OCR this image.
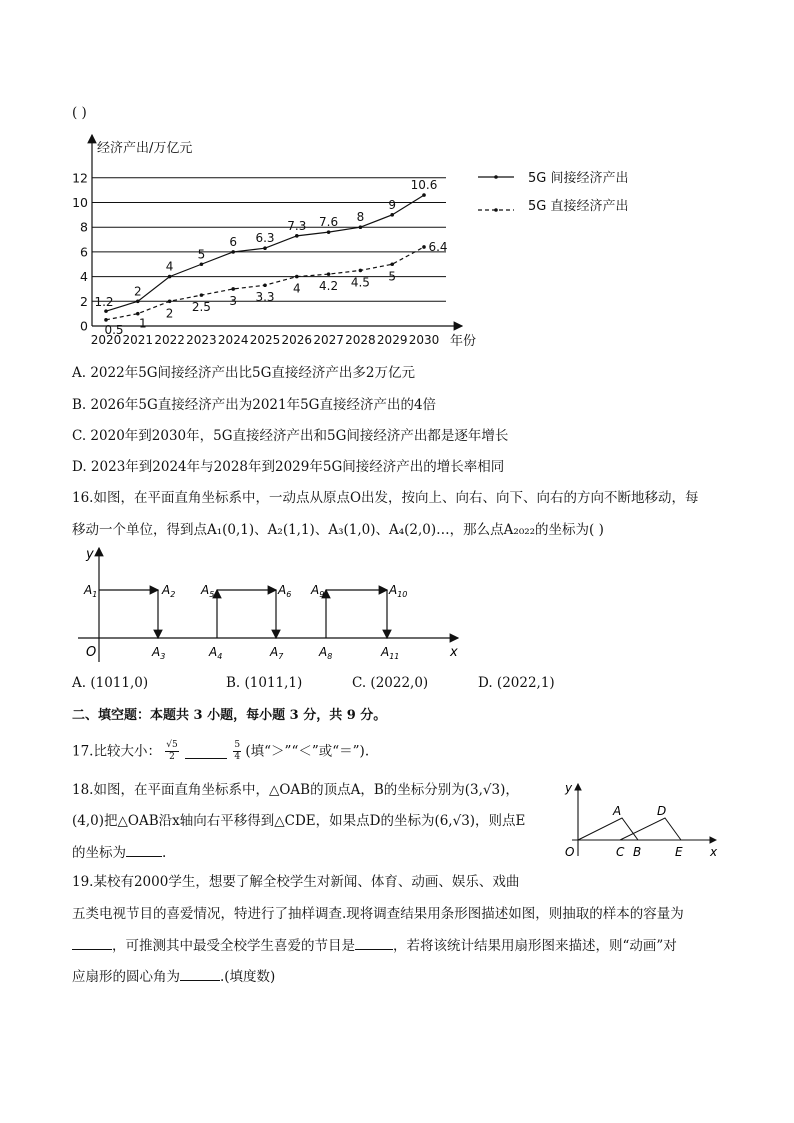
( )
经济产出/万亿元
年份
0
2
4
6
8
10
12
2020 2021 2022 2023 2024 2025 2026 2027 2028 2029 2030
1.2
2
4
5
6 6.3
7.3 7.6 8
9
10.6
0.5 1
2 2.5 3 3.3
4 4.2 4.5 5
6.4
5G 间接经济产出
5G 直接经济产出
A. 2022年5G间接经济产出比5G直接经济产出多2万亿元
B. 2026年5G直接经济产出为2021年5G直接经济产出的4倍
C. 2020年到2030年，5G直接经济产出和5G间接经济产出都是逐年增长
D. 2023年到2024年与2028年到2029年5G间接经济产出的增长率相同
16.如图，在平面直角坐标系中，一动点从原点O出发，按向上、向右、向下、向右的方向不断地移动，每
移动一个单位，得到点A₁(0,1)、A₂(1,1)、A₃(1,0)、A₄(2,0)…，那么点A₂₀₂₂的坐标为( )
y
x
O
$A_1$	$A_2$
$A_3$	$A_4$
$A_5$	$A_6$
$A_7$	$A_8$
$A_9$	$A_{10}$
$A_{11}$
A. (1011,0)	B. (1011,1)	C. (2022,0)	D. (2022,1)
二、填空题：本题共 3 小题，每小题 3 分，共 9 分。
17.比较大小： $\frac{√5}{2}$
	$\frac{5}{4}$ (填“＞”“＜”或“＝”).
18.如图，在平面直角坐标系中，△OAB的顶点A，B的坐标分别为(3,√3)，
(4,0)把△OAB沿x轴向右平移得到△CDE，如果点D的坐标为(6,√3)，则点E
的坐标为	.
y
x
O
A
B
C
D
E
19.某校有2000学生，想要了解全校学生对新闻、体育、动画、娱乐、戏曲
五类电视节目的喜爱情况，特进行了抽样调查.现将调查结果用条形图描述如图，则抽取的样本的容量为
，可推测其中最受全校学生喜爱的节目是	，若将该统计结果用扇形图来描述，则“动画”对
应扇形的圆心角为	.(填度数)
